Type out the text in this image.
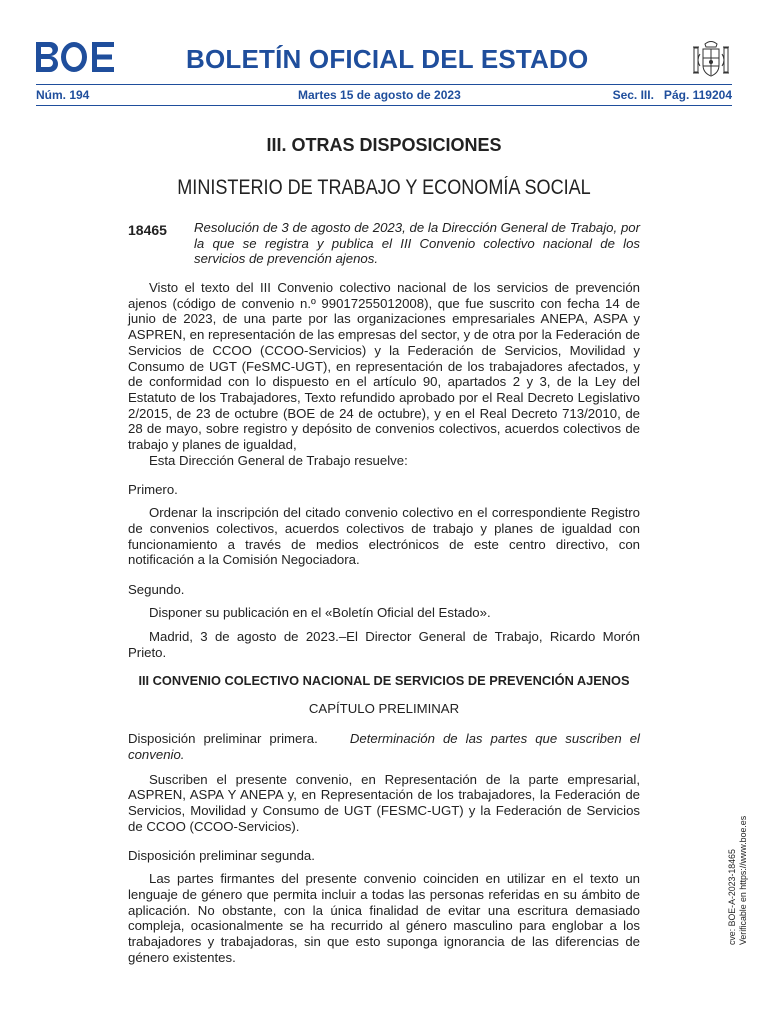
BOLETÍN OFICIAL DEL ESTADO
Núm. 194	Martes 15 de agosto de 2023	Sec. III.   Pág. 119204
III. OTRAS DISPOSICIONES
MINISTERIO DE TRABAJO Y ECONOMÍA SOCIAL
18465 Resolución de 3 de agosto de 2023, de la Dirección General de Trabajo, por la que se registra y publica el III Convenio colectivo nacional de los servicios de prevención ajenos.

Visto el texto del III Convenio colectivo nacional de los servicios de prevención ajenos (código de convenio n.º 99017255012008), que fue suscrito con fecha 14 de junio de 2023, de una parte por las organizaciones empresariales ANEPA, ASPA y ASPREN, en representación de las empresas del sector, y de otra por la Federación de Servicios de CCOO (CCOO-Servicios) y la Federación de Servicios, Movilidad y Consumo de UGT (FeSMC-UGT), en representación de los trabajadores afectados, y de conformidad con lo dispuesto en el artículo 90, apartados 2 y 3, de la Ley del Estatuto de los Trabajadores, Texto refundido aprobado por el Real Decreto Legislativo 2/2015, de 23 de octubre (BOE de 24 de octubre), y en el Real Decreto 713/2010, de 28 de mayo, sobre registro y depósito de convenios colectivos, acuerdos colectivos de trabajo y planes de igualdad,

Esta Dirección General de Trabajo resuelve:

Primero.

Ordenar la inscripción del citado convenio colectivo en el correspondiente Registro de convenios colectivos, acuerdos colectivos de trabajo y planes de igualdad con funcionamiento a través de medios electrónicos de este centro directivo, con notificación a la Comisión Negociadora.

Segundo.

Disponer su publicación en el «Boletín Oficial del Estado».

Madrid, 3 de agosto de 2023.–El Director General de Trabajo, Ricardo Morón Prieto.

III CONVENIO COLECTIVO NACIONAL DE SERVICIOS DE PREVENCIÓN AJENOS

CAPÍTULO PRELIMINAR

Disposición preliminar primera. Determinación de las partes que suscriben el convenio.

Suscriben el presente convenio, en Representación de la parte empresarial, ASPREN, ASPA Y ANEPA y, en Representación de los trabajadores, la Federación de Servicios, Movilidad y Consumo de UGT (FESMC-UGT) y la Federación de Servicios de CCOO (CCOO-Servicios).

Disposición preliminar segunda.

Las partes firmantes del presente convenio coinciden en utilizar en el texto un lenguaje de género que permita incluir a todas las personas referidas en su ámbito de aplicación. No obstante, con la única finalidad de evitar una escritura demasiado compleja, ocasionalmente se ha recurrido al género masculino para englobar a los trabajadores y trabajadoras, sin que esto suponga ignorancia de las diferencias de género existentes.

cve: BOE-A-2023-18465 Verificable en https://www.boe.es
